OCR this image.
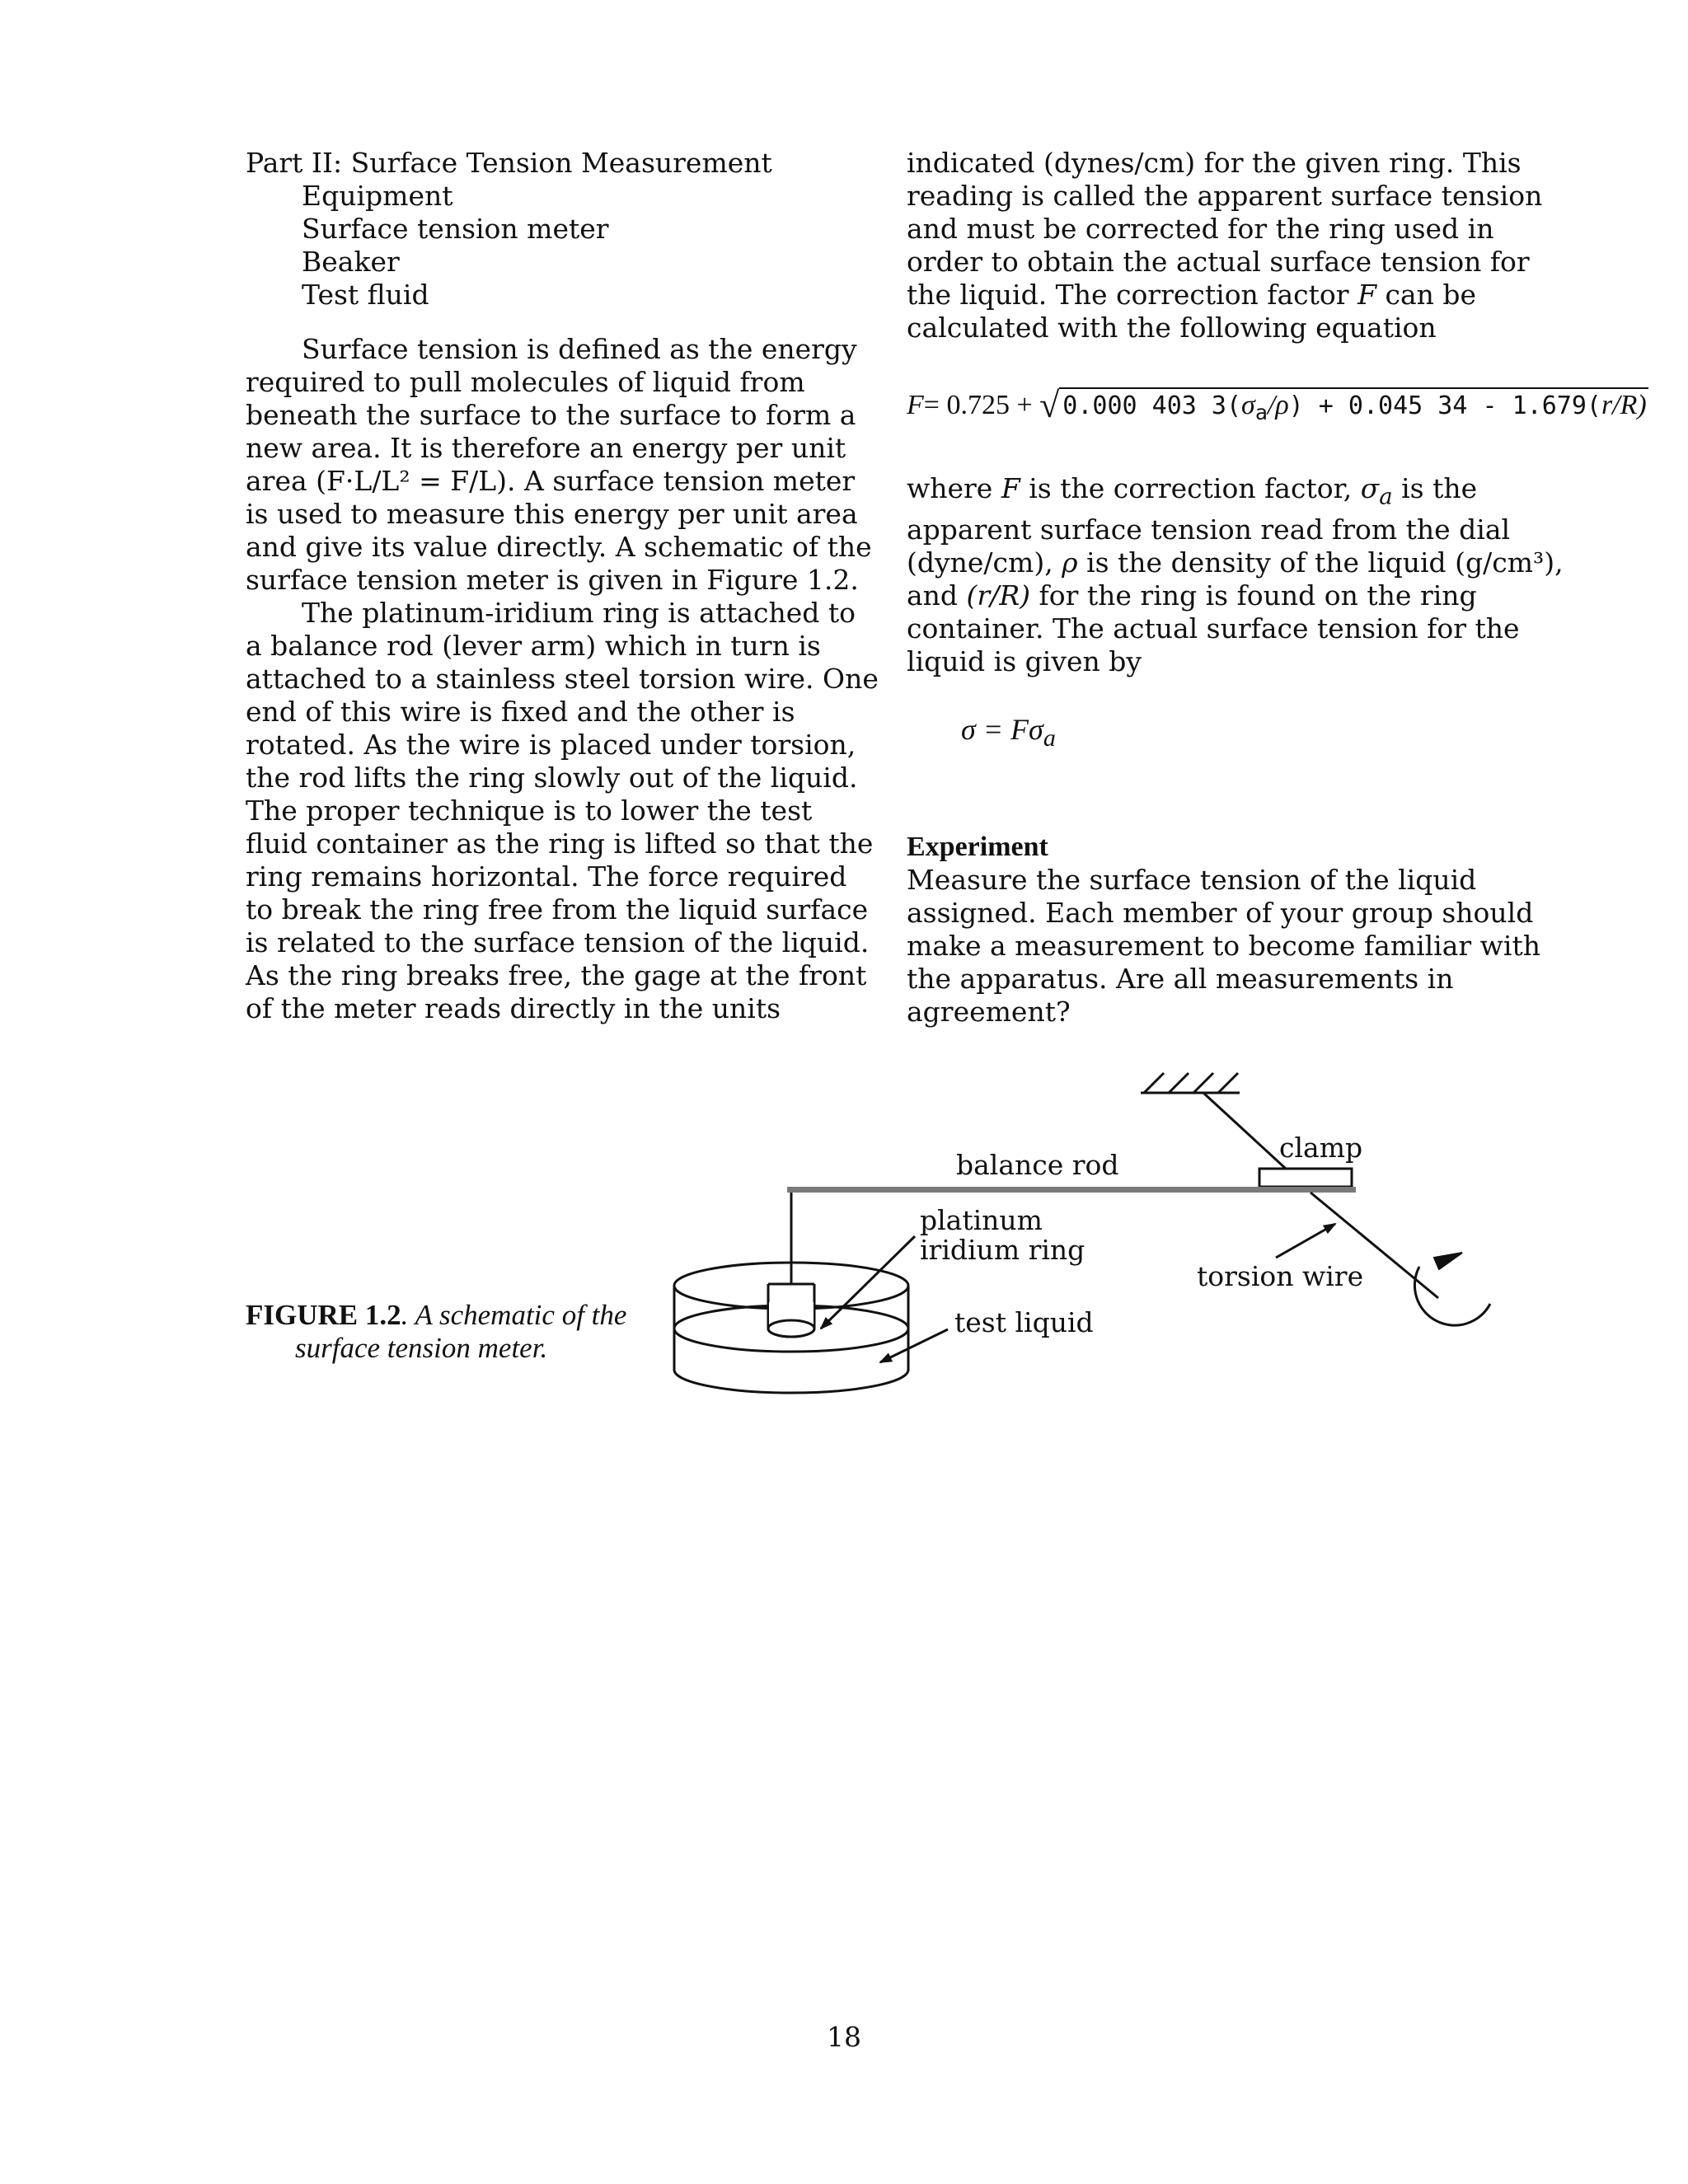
Part II: Surface Tension Measurement

Equipment

Surface tension meter

Beaker

Test fluid

Surface tension is defined as the energy required to pull molecules of liquid from beneath the surface to the surface to form a new area. It is therefore an energy per unit area (F·L/L² = F/L). A surface tension meter is used to measure this energy per unit area and give its value directly. A schematic of the surface tension meter is given in Figure 1.2.

The platinum-iridium ring is attached to a balance rod (lever arm) which in turn is attached to a stainless steel torsion wire. One end of this wire is fixed and the other is rotated. As the wire is placed under torsion, the rod lifts the ring slowly out of the liquid. The proper technique is to lower the test fluid container as the ring is lifted so that the ring remains horizontal. The force required to break the ring free from the liquid surface is related to the surface tension of the liquid. As the ring breaks free, the gage at the front of the meter reads directly in the units

indicated (dynes/cm) for the given ring. This reading is called the apparent surface tension and must be corrected for the ring used in order to obtain the actual surface tension for the liquid. The correction factor F can be calculated with the following equation

F= 0.725 + √ 0.000 403 $3(\sigma_a/\rho) + 0.045$ 34 - 1.679(r/R)

where F is the correction factor, $\sigma_a$ is the apparent surface tension read from the dial (dyne/cm), ρ is the density of the liquid (g/cm³), and (r/R) for the ring is found on the ring container. The actual surface tension for the liquid is given by

$\sigma = F\sigma_a$

Experiment

Measure the surface tension of the liquid assigned. Each member of your group should make a measurement to become familiar with the apparatus. Are all measurements in agreement?

balance rod
clamp
platinum
iridium ring
torsion wire
test liquid
FIGURE 1.2. A schematic of the
surface tension meter.
18
